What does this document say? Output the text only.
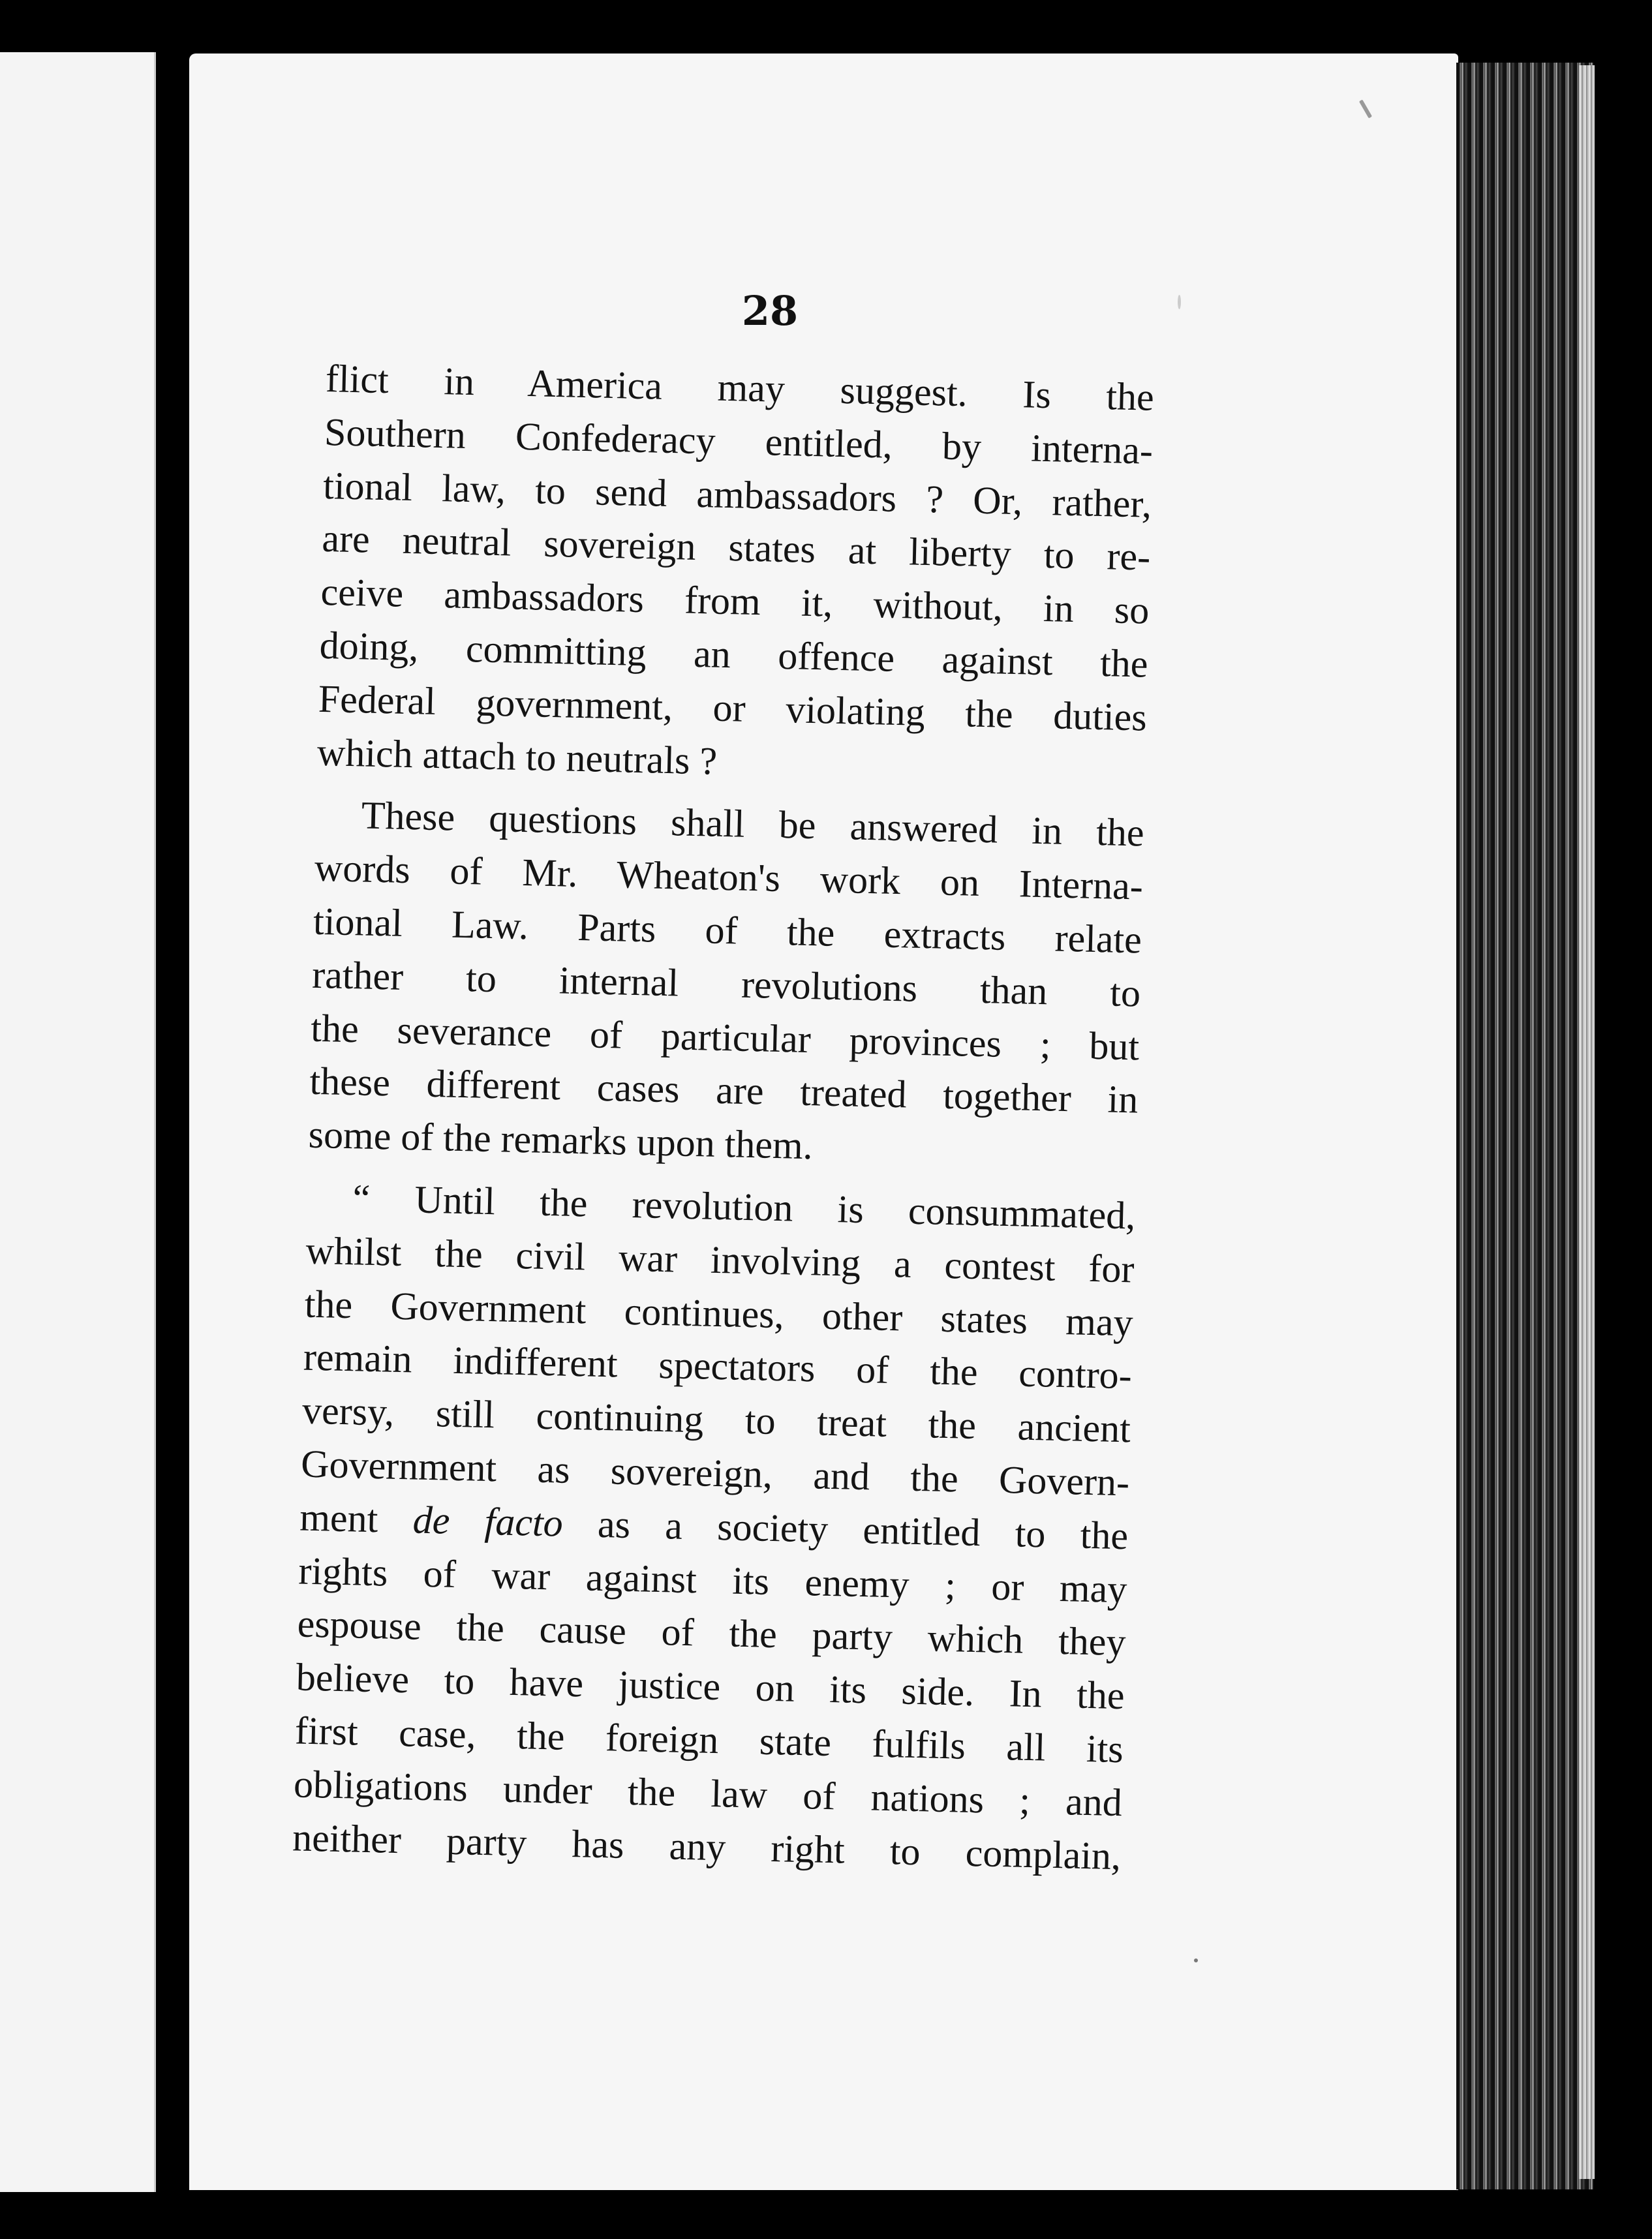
28
flict in America may suggest. Is the
Southern Confederacy entitled, by interna-
tional law, to send ambassadors ? Or, rather,
are neutral sovereign states at liberty to re-
ceive ambassadors from it, without, in so
doing, committing an offence against the
Federal government, or violating the duties
which attach to neutrals ?
These questions shall be answered in the
words of Mr. Wheaton's work on Interna-
tional Law. Parts of the extracts relate
rather to internal revolutions than to
the severance of particular provinces ; but
these different cases are treated together in
some of the remarks upon them.
“ Until the revolution is consummated,
whilst the civil war involving a contest for
the Government continues, other states may
remain indifferent spectators of the contro-
versy, still continuing to treat the ancient
Government as sovereign, and the Govern-
ment de facto as a society entitled to the
rights of war against its enemy ; or may
espouse the cause of the party which they
believe to have justice on its side. In the
first case, the foreign state fulfils all its
obligations under the law of nations ; and
neither party has any right to complain,
